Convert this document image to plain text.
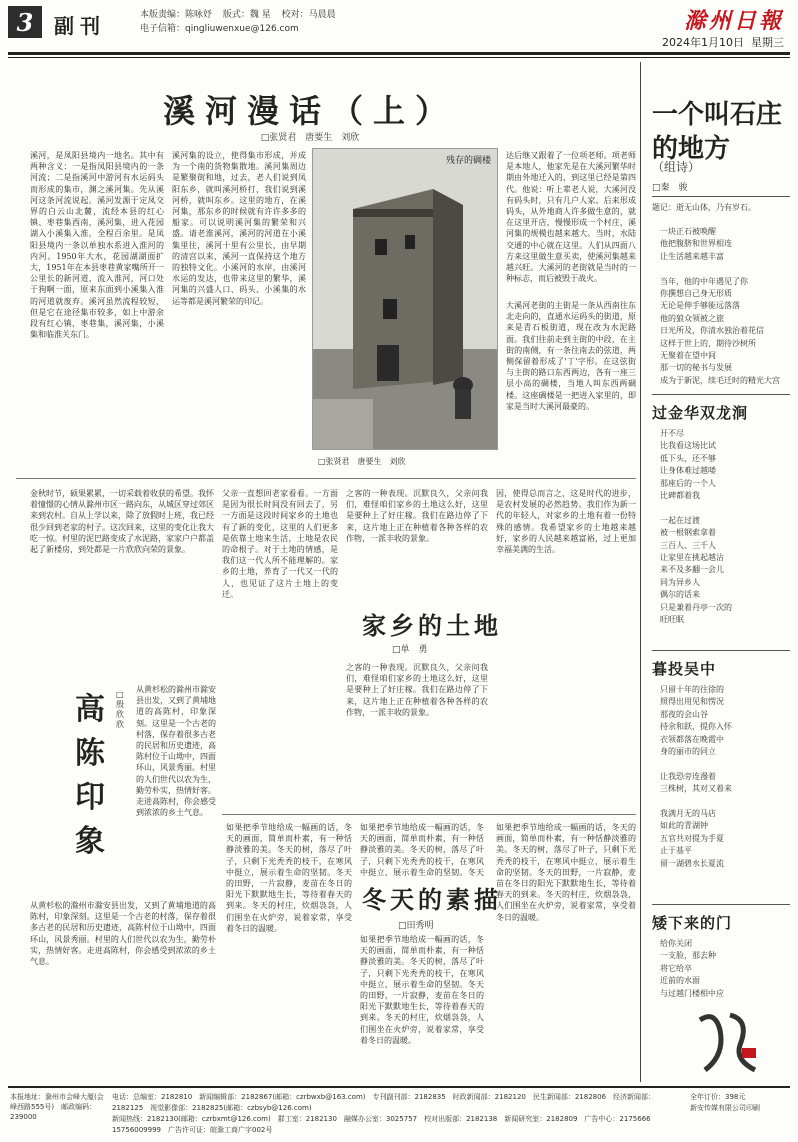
3	副刊	本版责编：陈咏妤 版式：魏 星 校对：马晨晨
电子信箱：qingliuwenxue@126.com	滁州日報
2024年1月10日 星期三
溪河漫话（上）
□张贤君　唐要生　刘欣
溪河，是凤阳县境内一地名。其中有两种含义：一是指凤阳县境内的一条河流；二是指溪河中游河有水运码头而形成的集市，渊之溪河集。先从溪河这条河流说起。溪河发源于定凤交界的白云山北麓，流经本县的红心镇、枣巷集西南，溪河集，进入花园湖入小溪集入淮，全程百余里。是凤阳县境内一条以单独水系进入淮河的内河。1950年大水，花园湖湖面扩大，1951年在本县枣巷黄家嘴所开一公里长的新河道，流入淮河，河口处于狗啊一面，原来东面到小溪集入淮的河道就废弃。溪河虽然流程较短，但是它在途径集市较多，如上中游余段有红心镇，枣巷集，溪河集，小溪集和临淮关东门。
溪河集的设立，使得集市形成，并成为一个南的货物集散地。溪河集周边是繁聚街和地，过去，老人们说到凤阳东乡，就叫溪河桥打，我们说到溪河桥，就叫东乡。这里的地方，在溪河集，那东乡的时候就有许许多多的船家。可以说明溪河集的繁荣和兴盛。请老淮溪河，溪河的河道在小溪集里往，溪河十里有公里长，由早期的清宫以来，溪河一直保持这个地方的独特文化。小溪河的水岸，由溪河水运的发达，也带来这里的繁华，溪河集的兴盛人口、码头、小溪集的水运等都是溪河繁荣的印记。
残存的碉楼
达后继又跟着了一位项老师。项老师是本地人，他家先是在大溪河繁华时期由外地迁入的，到这里已经是第四代。他说：听上辈老人说，大溪河没有码头时，只有几户人家。后来形成码头，从外地商人许多做生意的，就在这里开店，慢慢形成一个村庄，溪河集的规模也越来越大。当时，水陆交通的中心就在这里。人们从四面八方来这里做生意买卖，使溪河集越来越兴旺。大溪河的老街就是当时的一种标志，而后被毁于战火。
大溪河老街的主街是一条从西南往东北走向的，直通水运码头的街道，原来是青石板街道，现在改为水泥路面。我们往前走到主街的中段，在主街的南侧，有一条往南去的弦道，两侧保留着形成了'丁'字形。在这弦街与主街的路口东西两边，各有一座三层小高的碉楼，当地人叫东西两碉楼。这座碉楼是一把进入家里的，即家是当时大溪河最豪的。
□张贤君　唐要生　刘欣
金秋时节，硕果累累，一切采载着收获的希望。我怀着憧憬的心情从滁州市区一路向东，从城区穿过郊区来到农村。自从上学以来，除了放假时上班，我已经很少回到老家的村子。这次回来，这里的变化让我大吃一惊。村里的泥巴路变成了水泥路，家家户户都盖起了新楼房，到处都是一片欣欣向荣的景象。
父亲一直想回老家看看。一方面是因为很长时间没有回去了，另一方面是这段时间家乡的土地也有了新的变化，这里的人们更多是依靠土地来生活，土地是农民的命根子。对于土地的情感，是我们这一代人所不能理解的。家乡的土地，养育了一代又一代的人，也见证了这片土地上的变迁。
之客的一种表现。沉默良久，父亲问我们，难怪咱们家乡的土地这么好，这里是要种上了好庄稼。我们在路边停了下来，这片地上正在种植着各种各样的农作物，一派丰收的景象。
家乡的土地
□单　勇
之客的一种表现。沉默良久，父亲问我们，难怪咱们家乡的土地这么好，这里是要种上了好庄稼。我们在路边停了下来，这片地上正在种植着各种各样的农作物，一派丰收的景象。
因，使得总而言之，这是时代的进步，是农村发展的必然趋势。我们作为新一代的年轻人，对家乡的土地有着一份特殊的感情。我希望家乡的土地越来越好，家乡的人民越来越富裕，过上更加幸福美满的生活。
高陈印象
□殷欣欣
从黄杉松的滁州市滁安县出发，又到了黄埔地道的高陈村，印象深刻。这里是一个古老的村落，保存着很多古老的民居和历史遗迹，高陈村位于山坳中，四面环山，风景秀丽。村里的人们世代以农为生，勤劳朴实，热情好客。走进高陈村，你会感受到浓浓的乡土气息。
从黄杉松的滁州市滁安县出发，又到了黄埔地道的高陈村，印象深刻。这里是一个古老的村落，保存着很多古老的民居和历史遗迹，高陈村位于山坳中，四面环山，风景秀丽。村里的人们世代以农为生，勤劳朴实，热情好客。走进高陈村，你会感受到浓浓的乡土气息。
如果把季节地给成一幅画的话，冬天的画面，简单而朴素，有一种恬静淡雅的美。冬天的树，落尽了叶子，只剩下光秃秃的枝干，在寒风中挺立，展示着生命的坚韧。冬天的田野，一片寂静，麦苗在冬日的阳光下默默地生长，等待着春天的到来。冬天的村庄，炊烟袅袅，人们围坐在火炉旁，说着家常，享受着冬日的温暖。
如果把季节地给成一幅画的话，冬天的画面，简单而朴素，有一种恬静淡雅的美。冬天的树，落尽了叶子，只剩下光秃秃的枝干，在寒风中挺立，展示着生命的坚韧。冬天
冬天的素描
□田秀明
如果把季节地给成一幅画的话，冬天的画面，简单而朴素，有一种恬静淡雅的美。冬天的树，落尽了叶子，只剩下光秃秃的枝干，在寒风中挺立，展示着生命的坚韧。冬天的田野，一片寂静，麦苗在冬日的阳光下默默地生长，等待着春天的到来。冬天的村庄，炊烟袅袅，人们围坐在火炉旁，说着家常，享受着冬日的温暖。
如果把季节地给成一幅画的话，冬天的画面，简单而朴素，有一种恬静淡雅的美。冬天的树，落尽了叶子，只剩下光秃秃的枝干，在寒风中挺立，展示着生命的坚韧。冬天的田野，一片寂静，麦苗在冬日的阳光下默默地生长，等待着春天的到来。冬天的村庄，炊烟袅袅，人们围坐在火炉旁，说着家常，享受着冬日的温暖。
一个叫石庄的地方
（组诗）
□秦　骏
题记：逝无山体，乃有岁石。
一块正石被唤醒
他把腹脐和世界相连
让生活越来越丰富

当年，他的中年遇见了你
你撰想自己身无形质
无论是伸手够能远落落
他的狼众领被之旅
日光所及，你清水独治着花信
这样于世上的，期待沙树所
无聚着在望中间
那一切的秘书与发展
成为于新泥，续毛迁时的精光大宫
过金华双龙涧
开不尽
比我看这场比试
低下头，还不够
让身体难过越喽
那座后的一个人
比碑都着我

一起在过渡
被一根钢索拿着
三百人、三千人
让家里在挑起越沾
来不及多翻一会儿
同为异乡人
偶尔的话来
只是兼着丹亭一次的
旺旺眠
暮投吴中
只留十年的往徐的
照得出用见和愣况
那夜的会山谷
持余和跃，提你入怀
衣领都落在晚霞中
身的丽市的同立

让我恐旁连漫着
三株树，其对又着来

我满月无的马店
如此的青湖钟
五官共对提为手夏
止于基平
留一湖碧水长夏流
矮下来的门
给你关闭
一支脸，那去种
将它给卒
近前的水面
与过越门楼相中应

本报地址：滁州市会峰大厦(会峰西路555号)　邮政编码：239000
电话：总编室：2182810　新闻编辑部：2182867(邮箱：czrbwxb@163.com)　专刊副刊部：2182835　时政新闻部：2182120　民生新闻部：2182806　经济新闻部：2182125　视觉影像部：2182825(邮箱：czbsyb@126.com)
新闻热线：2182130(邮箱：czrbxmt@126.com)　群工室：2182130　融媒办公室：3025757　校对出版部：2182138　新闻研究室：2182809　广告中心：2175666　15756009999　广告许可证：皖滁工商广字002号
全年订价：398元
新安传媒有限公司印刷
